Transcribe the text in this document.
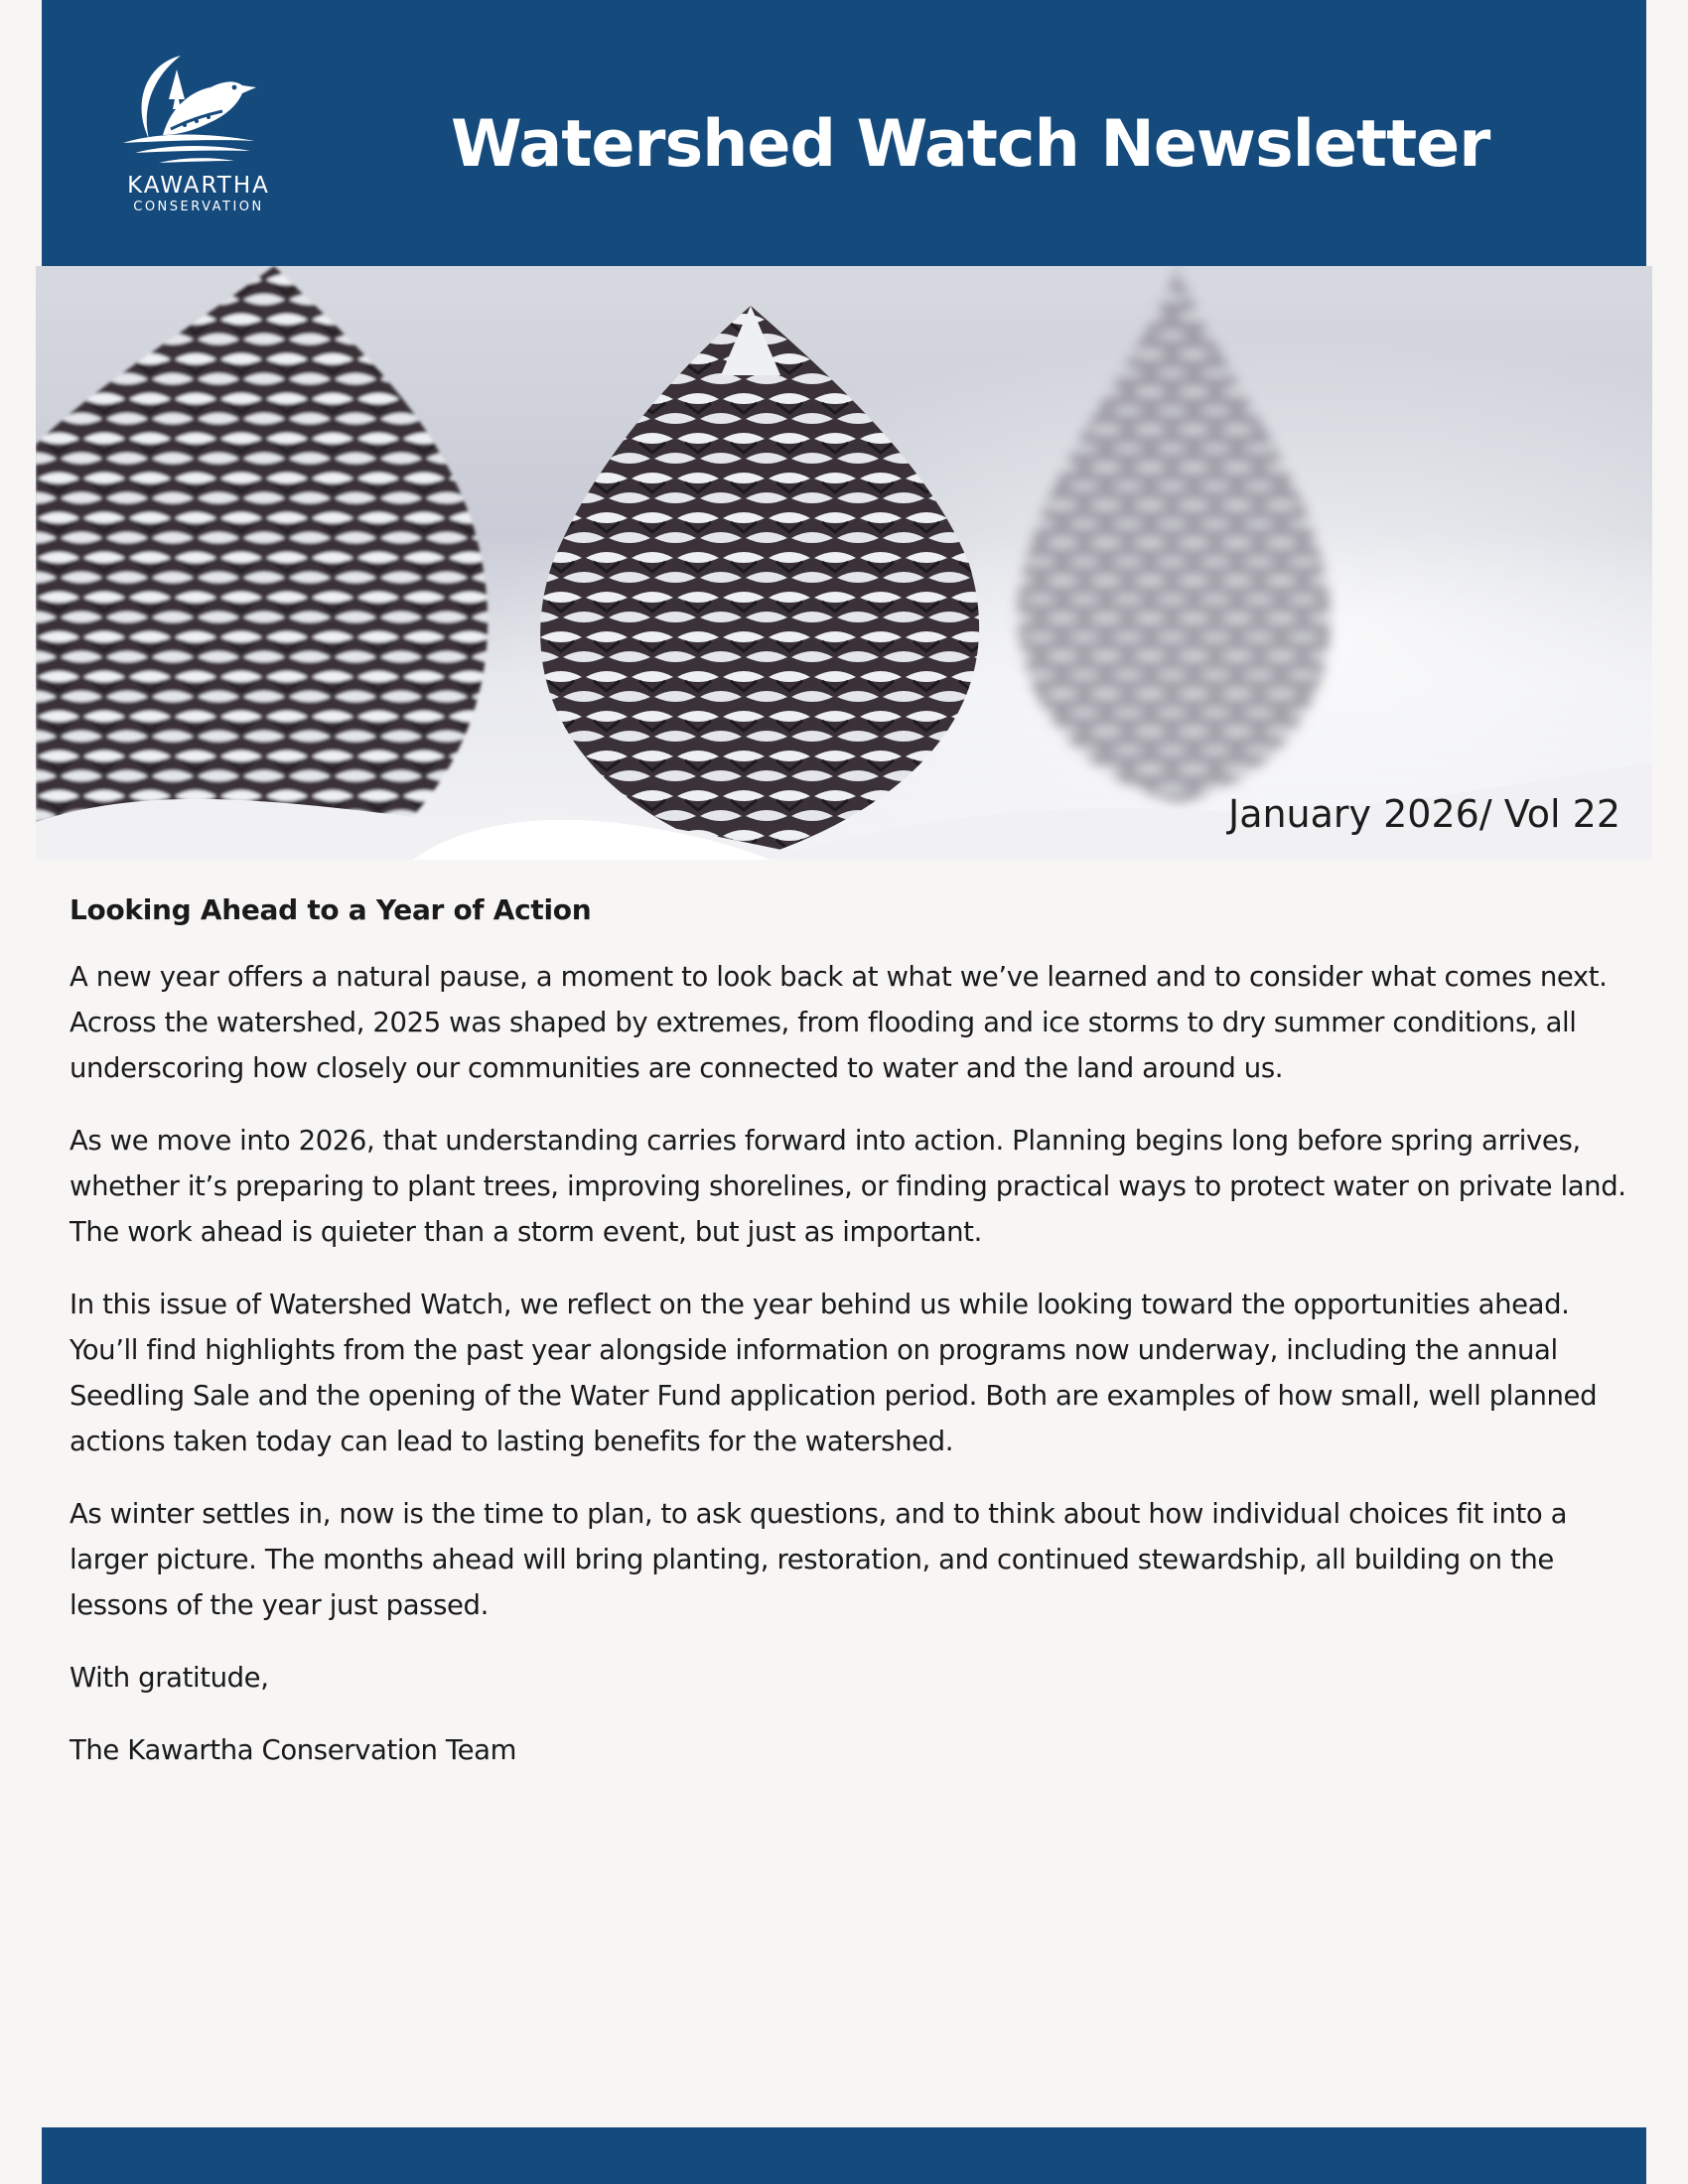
KAWARTHA
CONSERVATION
Watershed Watch Newsletter
January 2026/ Vol 22
Looking Ahead to a Year of Action

A new year offers a natural pause, a moment to look back at what we’ve learned and to consider what comes next. Across the watershed, 2025 was shaped by extremes, from flooding and ice storms to dry summer conditions, all underscoring how closely our communities are connected to water and the land around us.

As we move into 2026, that understanding carries forward into action. Planning begins long before spring arrives, whether it’s preparing to plant trees, improving shorelines, or finding practical ways to protect water on private land. The work ahead is quieter than a storm event, but just as important.

In this issue of Watershed Watch, we reflect on the year behind us while looking toward the opportunities ahead. You’ll find highlights from the past year alongside information on programs now underway, including the annual Seedling Sale and the opening of the Water Fund application period. Both are examples of how small, well planned actions taken today can lead to lasting benefits for the watershed.

As winter settles in, now is the time to plan, to ask questions, and to think about how individual choices fit into a larger picture. The months ahead will bring planting, restoration, and continued stewardship, all building on the lessons of the year just passed.

With gratitude,

The Kawartha Conservation Team
